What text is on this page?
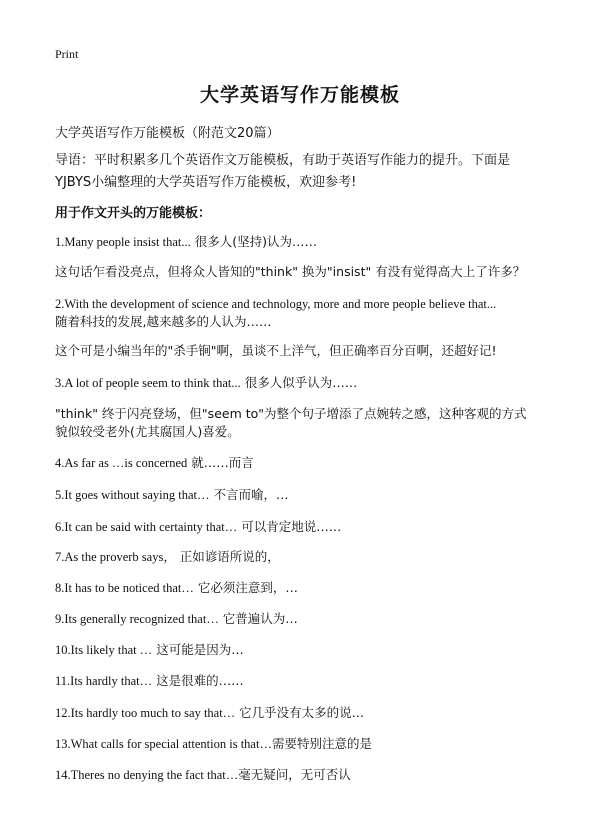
Print
大学英语写作万能模板
大学英语写作万能模板（附范文20篇）
导语：平时积累多几个英语作文万能模板，有助于英语写作能力的提升。下面是
YJBYS小编整理的大学英语写作万能模板，欢迎参考!
用于作文开头的万能模板：
1.Many people insist that... 很多人(坚持)认为……
这句话乍看没亮点，但将众人皆知的"think" 换为"insist" 有没有觉得高大上了许多？
2.With the development of science and technology, more and more people believe that...
随着科技的发展,越来越多的人认为……
这个可是小编当年的"杀手锏"啊，虽谈不上洋气，但正确率百分百啊，还超好记!
3.A lot of people seem to think that... 很多人似乎认为……
"think" 终于闪亮登场，但"seem to"为整个句子增添了点婉转之感，这种客观的方式
貌似较受老外(尤其腐国人)喜爱。
4.As far as …is concerned 就……而言
5.It goes without saying that… 不言而喻，…
6.It can be said with certainty that… 可以肯定地说……
7.As the proverb says， 正如谚语所说的，
8.It has to be noticed that… 它必须注意到，…
9.Its generally recognized that… 它普遍认为…
10.Its likely that … 这可能是因为…
11.Its hardly that… 这是很难的……
12.Its hardly too much to say that… 它几乎没有太多的说…
13.What calls for special attention is that…需要特别注意的是
14.Theres no denying the fact that…毫无疑问，无可否认
